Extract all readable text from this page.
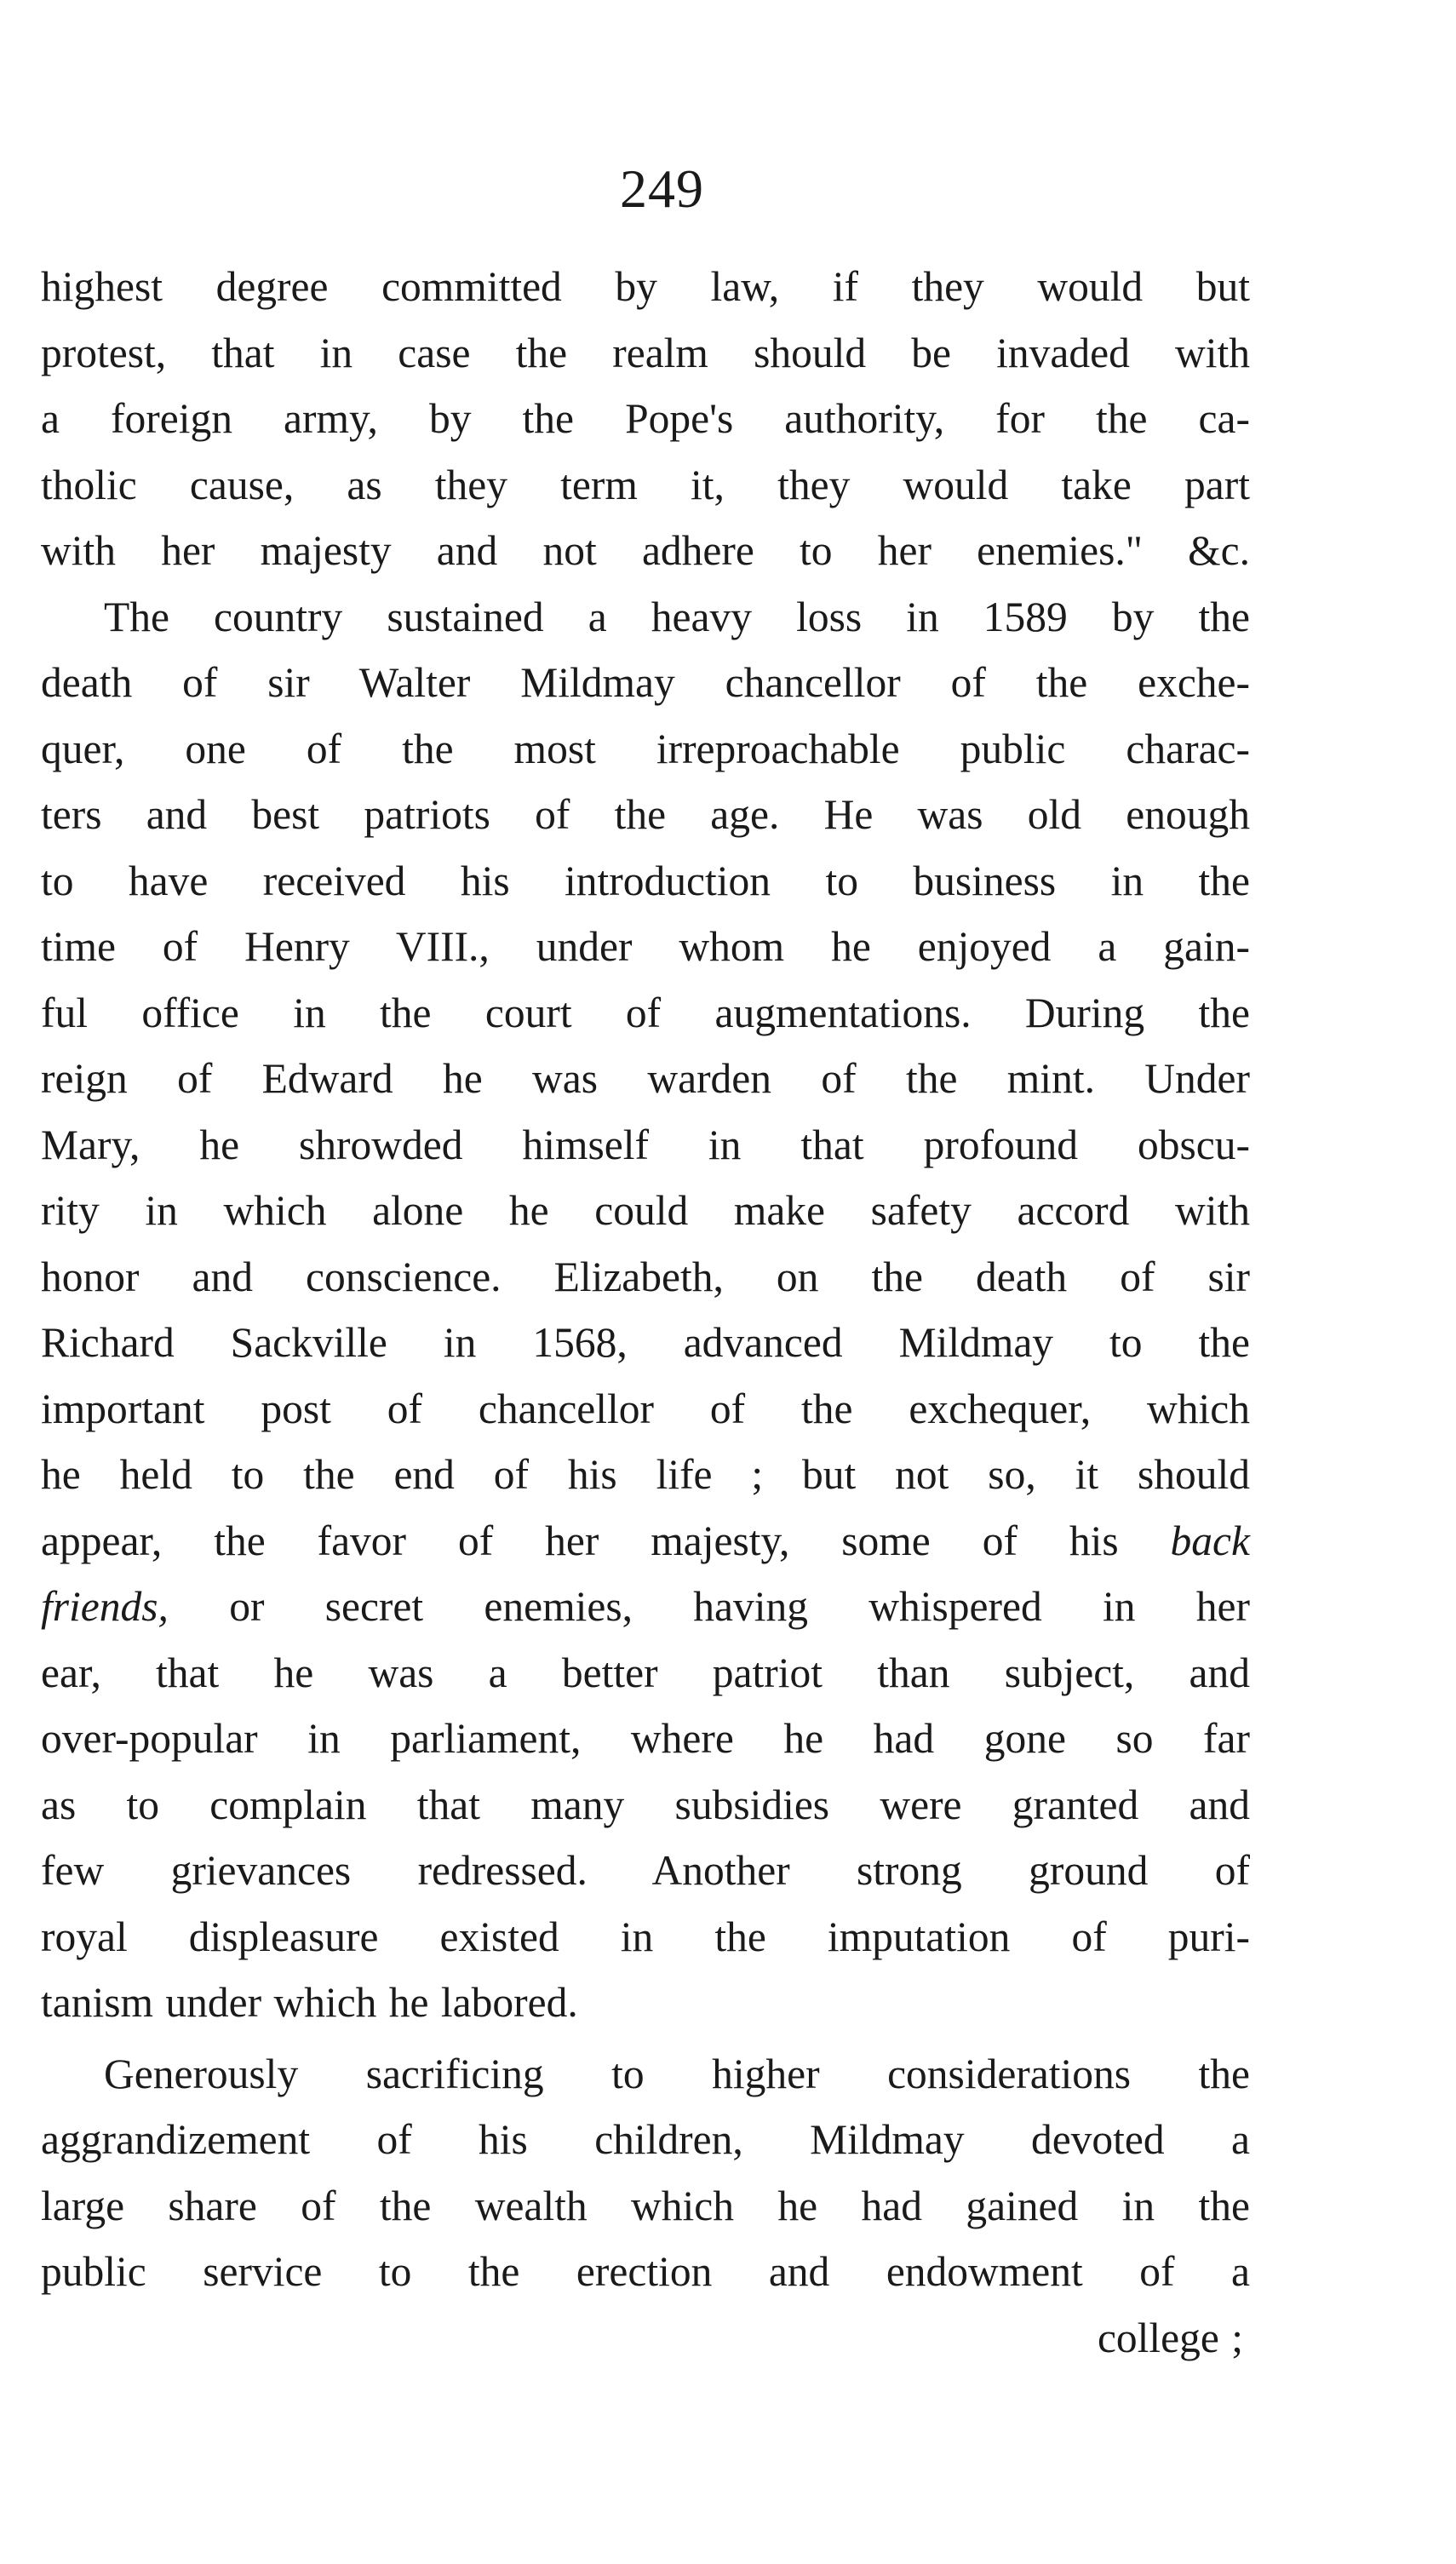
249
highest degree committed by law, if they would but
protest, that in case the realm should be invaded with
a foreign army, by the Pope's authority, for the ca-
tholic cause, as they term it, they would take part
with her majesty and not adhere to her enemies." &c.
The country sustained a heavy loss in 1589 by the
death of sir Walter Mildmay chancellor of the exche-
quer, one of the most irreproachable public charac-
ters and best patriots of the age. He was old enough
to have received his introduction to business in the
time of Henry VIII., under whom he enjoyed a gain-
ful office in the court of augmentations. During the
reign of Edward he was warden of the mint. Under
Mary, he shrowded himself in that profound obscu-
rity in which alone he could make safety accord with
honor and conscience. Elizabeth, on the death of sir
Richard Sackville in 1568, advanced Mildmay to the
important post of chancellor of the exchequer, which
he held to the end of his life ; but not so, it should
appear, the favor of her majesty, some of his back
friends, or secret enemies, having whispered in her
ear, that he was a better patriot than subject, and
over-popular in parliament, where he had gone so far
as to complain that many subsidies were granted and
few grievances redressed. Another strong ground of
royal displeasure existed in the imputation of puri-
tanism under which he labored.
Generously sacrificing to higher considerations the
aggrandizement of his children, Mildmay devoted a
large share of the wealth which he had gained in the
public service to the erection and endowment of a
college ;
